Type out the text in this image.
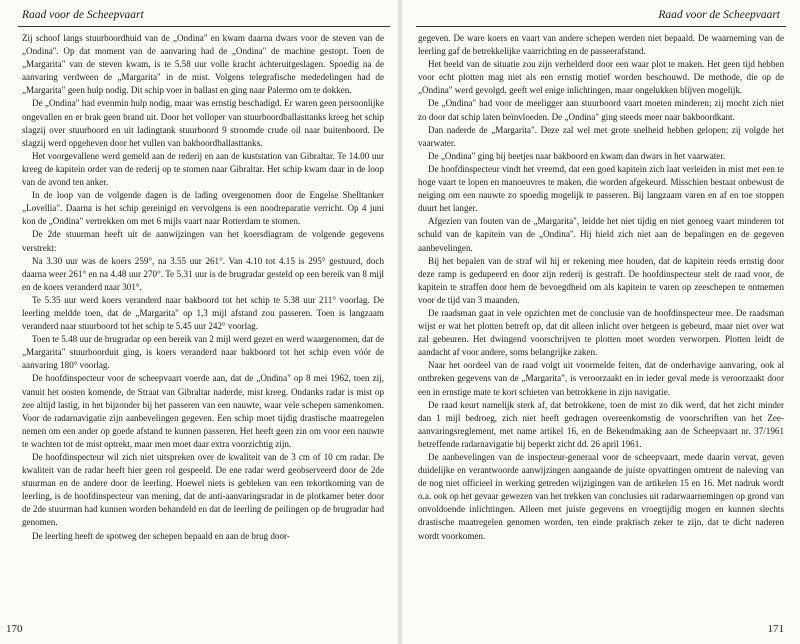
Raad voor de Scheepvaart

Zij schoof langs stuurboordhuid van de „Ondina" en kwam daarna dwars voor de steven van de „Ondina". Op dat moment van de aanvaring had de „Ondina" de machine gestopt. Toen de „Margarita" van de steven kwam, is te 5.58 uur volle kracht achteruitgeslagen. Spoedig na de aanvaring verdween de „Margarita" in de mist. Volgens telegrafische mededelingen had de „Margarita" geen hulp nodig. Dit schip voer in ballast en ging naar Palermo om te dokken.

De „Ondina" had evenmin hulp nodig, maar was ernstig beschadigd. Er waren geen persoonlijke ongevallen en er brak geen brand uit. Door het volloper van stuurboordballasttanks kreeg het schip slagzij over stuurboord en uit ladingtank stuurboord 9 stroomde crude oil naar buitenboord. De slagzij werd opgeheven door het vullen van bakboordballasttanks.

Het voorgevallene werd gemeld aan de rederij en aan de kuststation van Gibraltar. Te 14.00 uur kreeg de kapitein order van de rederij op te stomen naar Gibraltar. Het schip kwam daar in de loop van de avond ten anker.

In de loop van de volgende dagen is de lading overgenomen door de Engelse Shelltanker „Lovellia". Daarna is het schip gereinigd en vervolgens is een noodreparatie verricht. Op 4 juni kon de „Ondina" vertrekken om met 6 mijls vaart naar Rotterdam te stomen.

De 2de stuurman heeft uit de aanwijzingen van het koersdiagram de volgende gegevens verstrekt:

Na 3.30 uur was de koers 259°, na 3.55 uur 261°. Van 4.10 tot 4.15 is 295° gestuurd, doch daarna weer 261° en na 4.48 uur 270°. Te 5.31 uur is de brugradar gesteld op een bereik van 8 mijl en de koers veranderd naar 301°.

Te 5.35 uur werd koers veranderd naar bakboord tot het schip te 5.38 uur 211° voorlag. De leerling meldde toen, dat de „Margarita" op 1,3 mijl afstand zou passeren. Toen is langzaam veranderd naar stuurboord tot het schip te 5.45 uur 242° voorlag.

Toen te 5.48 uur de brugradar op een bereik van 2 mijl werd gezet en werd waargenomen, dat de „Margarita" stuurboorduit ging, is koers veranderd naar bakboord tot het schip even vóór de aanvaring 180° voorlag.

De hoofdinspecteur voor de scheepvaart voerde aan, dat de „Ondina" op 8 mei 1962, toen zij, vanuit het oosten komende, de Straat van Gibraltar naderde, mist kreeg. Ondanks radar is mist op zee altijd lastig, in het bijzonder bij het passeren van een nauwte, waar vele schepen samenkomen. Voor de radarnavigatie zijn aanbevelingen gegeven. Een schip moet tijdig drastische maatregelen nemen om een ander op goede afstand te kunnen passeren. Het heeft geen zin om voor een nauwte te wachten tot de mist optrekt, maar men moet daar extra voorzichtig zijn.

De hoofdinspecteur wil zich niet uitspreken over de kwaliteit van de 3 cm of 10 cm radar. De kwaliteit van de radar heeft hier geen rol gespeeld. De ene radar werd geobserveerd door de 2de stuurman en de andere door de leerling. Hoewel niets is gebleken van een tekortkoming van de leerling, is de hoofdinspecteur van mening, dat de anti-aanvaringsradar in de plotkamer beter door de 2de stuurman had kunnen worden behandeld en dat de leerling de peilingen op de brugradar had genomen.

De leerling heeft de spotweg der schepen bepaald en aan de brug door-

170
Raad voor de Scheepvaart

gegeven. De ware koers en vaart van andere schepen werden niet bepaald. De waarneming van de leerling gaf de betrekkelijke vaarrichting en de passeerafstand.

Het beeld van de situatie zou zijn verhelderd door een waar plot te maken. Het geen tijd hebben voor echt plotten mag niet als een ernstig motief worden beschouwd. De methode, die op de „Ondina" werd gevolgd, geeft wel enige inlichtingen, maar ongelukken blijven mogelijk.

De „Ondina" had voor de meeligger aan stuurboord vaart moeten minderen; zij mocht zich niet zo door dat schip laten beïnvloeden. De „Ondina" ging steeds meer naar bakboordkant.

Dan naderde de „Margarita". Deze zal wel met grote snelheid hebben gelopen; zij volgde het vaarwater.

De „Ondina" ging bij beetjes naar bakboord en kwam dan dwars in het vaarwater.

De hoofdinspecteur vindt het vreemd, dat een goed kapitein zich laat verleiden in mist met een te hoge vaart te lopen en manoeuvres te maken, die worden afgekeurd. Misschien bestaat onbewust de neiging om een nauwte zo spoedig mogelijk te passeren. Bij langzaam varen en af en toe stoppen duurt het langer.

Afgezien van fouten van de „Margarita", leidde het niet tijdig en niet genoeg vaart minderen tot schuld van de kapitein van de „Ondina". Hij hield zich niet aan de bepalingen en de gegeven aanbevelingen.

Bij het bepalen van de straf wil hij er rekening mee houden, dat de kapitein reeds ernstig door deze ramp is gedupeerd en door zijn rederij is gestraft. De hoofdinspecteur stelt de raad voor, de kapitein te straffen door hem de bevoegdheid om als kapitein te varen op zeeschepen te ontnemen voor de tijd van 3 maanden.

De raadsman gaat in vele opzichten met de conclusie van de hoofdinspecteur mee. De raadsman wijst er wat het plotten betreft op, dat dit alleen inlicht over hetgeen is gebeurd, maar niet over wat zal gebeuren. Het dwingend voorschrijven te plotten moet worden verworpen. Plotten leidt de aandacht af voor andere, soms belangrijke zaken.

Naar het oordeel van de raad volgt uit voormelde feiten, dat de onderhavige aanvaring, ook al ontbreken gegevens van de „Margarita", is veroorzaakt en in ieder geval mede is veroorzaakt door een in ernstige mate te kort schieten van betrokkene in zijn navigatie.

De raad keurt namelijk sterk af, dat betrokkene, toen de mist zo dik werd, dat het zicht minder dan 1 mijl bedroeg, zich niet heeft gedragen overeenkomstig de voorschriften van het Zee-aanvaringsreglement, met name artikel 16, en de Bekendmaking aan de Scheepvaart nr. 37/1961 betreffende radarnavigatie bij beperkt zicht dd. 26 april 1961.

De aanbevelingen van de inspecteur-generaal voor de scheepvaart, mede daarin vervat, geven duidelijke en verantwoorde aanwijzingen aangaande de juiste opvattingen omtrent de naleving van de nog niet officieel in werking getreden wijzigingen van de artikelen 15 en 16. Met nadruk wordt o.a. ook op het gevaar gewezen van het trekken van conclusies uit radarwaarnemingen op grond van onvoldoende inlichtingen. Alleen met juiste gegevens en vroegtijdig mogen en kunnen slechts drastische maatregelen genomen worden, ten einde praktisch zeker te zijn, dat te dicht naderen wordt voorkomen.

171
